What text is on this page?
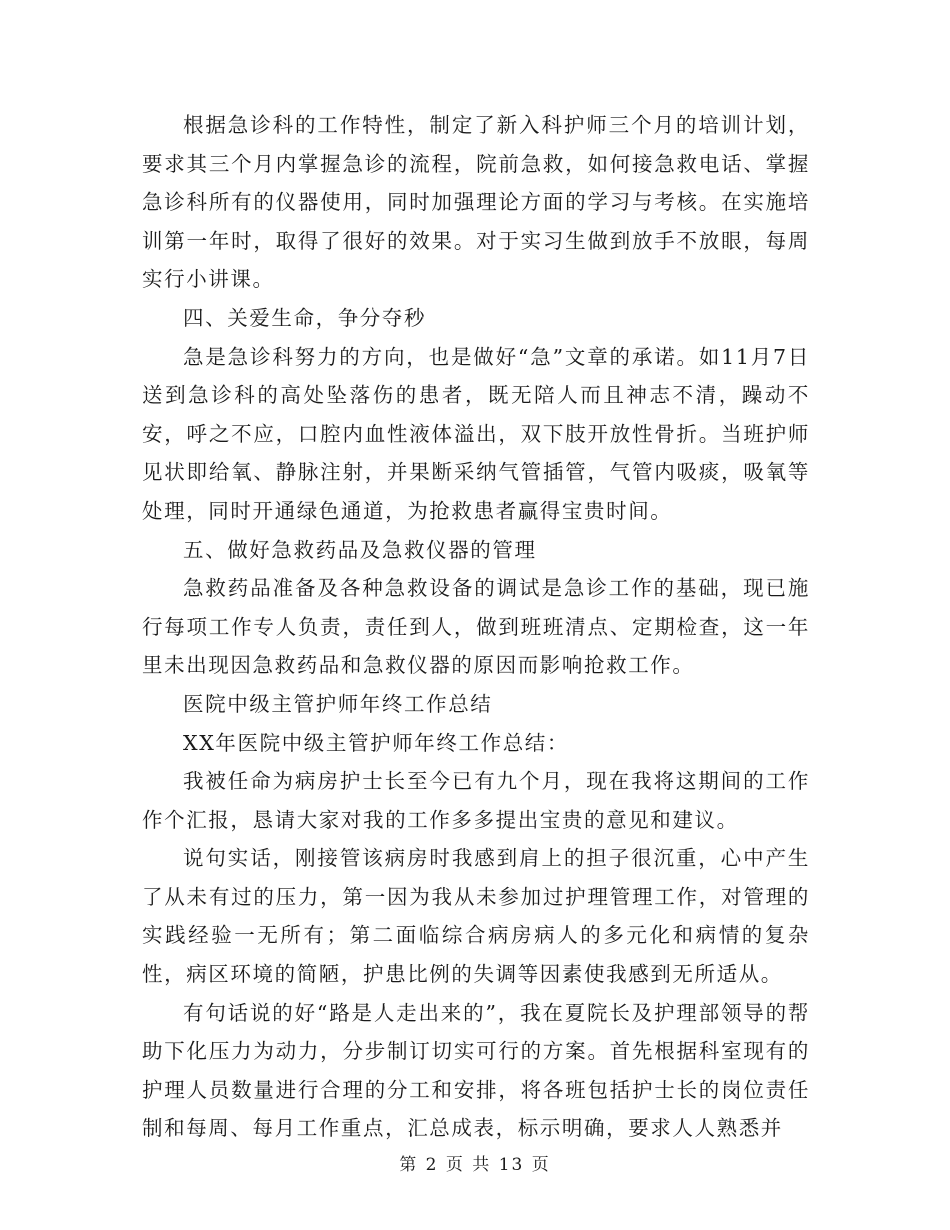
根据急诊科的工作特性，制定了新入科护师三个月的培训计划，要求其三个月内掌握急诊的流程，院前急救，如何接急救电话、掌握急诊科所有的仪器使用，同时加强理论方面的学习与考核。在实施培训第一年时，取得了很好的效果。对于实习生做到放手不放眼，每周实行小讲课。

四、关爱生命，争分夺秒

急是急诊科努力的方向，也是做好“急”文章的承诺。如11月7日送到急诊科的高处坠落伤的患者，既无陪人而且神志不清，躁动不安，呼之不应，口腔内血性液体溢出，双下肢开放性骨折。当班护师见状即给氧、静脉注射，并果断采纳气管插管，气管内吸痰，吸氧等处理，同时开通绿色通道，为抢救患者赢得宝贵时间。

五、做好急救药品及急救仪器的管理

急救药品准备及各种急救设备的调试是急诊工作的基础，现已施行每项工作专人负责，责任到人，做到班班清点、定期检查，这一年里未出现因急救药品和急救仪器的原因而影响抢救工作。

医院中级主管护师年终工作总结

XX年医院中级主管护师年终工作总结：

我被任命为病房护士长至今已有九个月，现在我将这期间的工作作个汇报，恳请大家对我的工作多多提出宝贵的意见和建议。

说句实话，刚接管该病房时我感到肩上的担子很沉重，心中产生了从未有过的压力，第一因为我从未参加过护理管理工作，对管理的实践经验一无所有；第二面临综合病房病人的多元化和病情的复杂性，病区环境的简陋，护患比例的失调等因素使我感到无所适从。

有句话说的好“路是人走出来的”，我在夏院长及护理部领导的帮助下化压力为动力，分步制订切实可行的方案。首先根据科室现有的护理人员数量进行合理的分工和安排，将各班包括护士长的岗位责任制和每周、每月工作重点，汇总成表，标示明确，要求人人熟悉并

第 2 页 共 13 页
